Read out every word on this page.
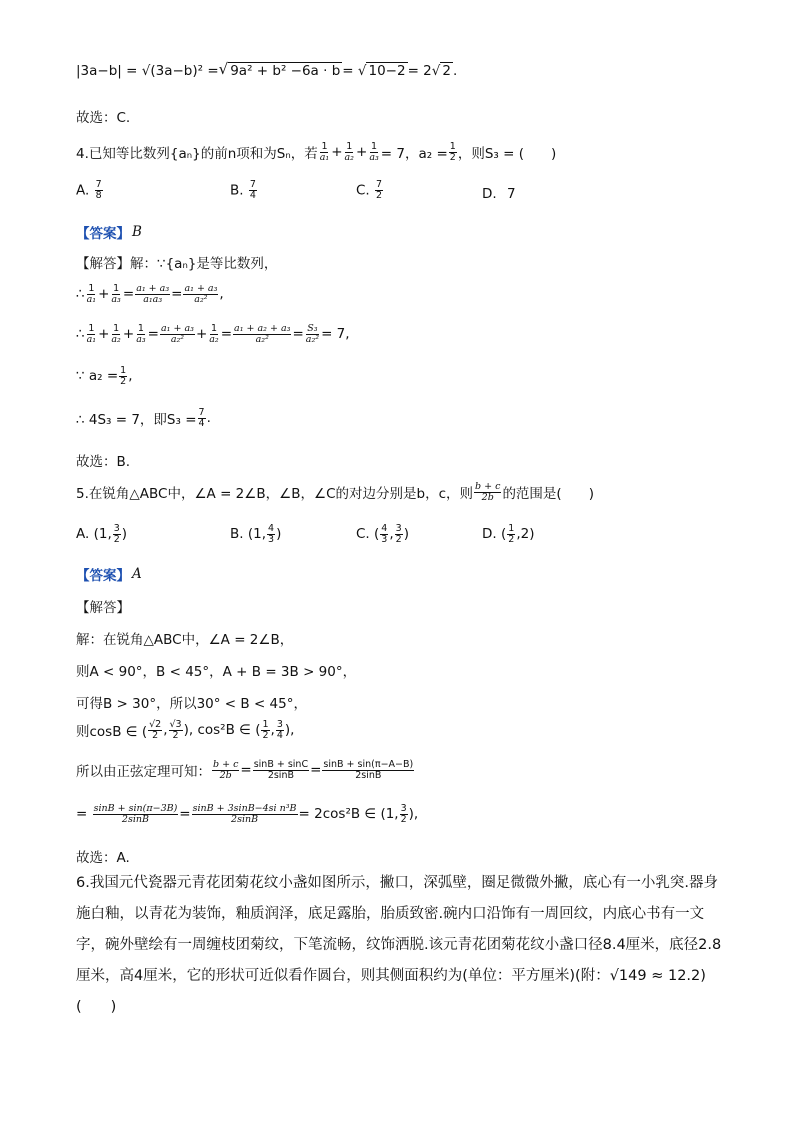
|3a−b| = √(3a−b)² = √ 9a² + b² −6a · b = √ 10−2 = 2√ 2 .
故选：C.
4.已知等比数列{aₙ}的前n项和为Sₙ，若 $\frac{1}{\text{a₁}} + \frac{1}{\text{a₂}} + \frac{1}{\text{a₃}} = 7$，$a_2 = \frac{1}{2}$ ，则S₃ = (　　)
A. $\frac{7}{8}$	B. $\frac{7}{4}$	C. $\frac{7}{2}$	D. 7
【答案】 B
【解答】解：∵{aₙ}是等比数列，
∴ $\frac{1}{\text{a₁}} + \frac{1}{\text{a₃}} = \frac{\text{a₁ + a₃}}{\text{a₁a₃}} = \frac{\text{a₁ + a₃}}{\text{a₂²}}$ ,
∴ $\frac{1}{\text{a₁}} + \frac{1}{\text{a₂}} + \frac{1}{\text{a₃}} = \frac{\text{a₁ + a₃}}{\text{a₂²}} + \frac{1}{\text{a₂}} = \frac{\text{a₁ + a₂ + a₃}}{\text{a₂²}} = \frac{\text{S₃}}{\text{a₂²}} = 7$,
∵ $a_2 = \frac{1}{2}$ ,
∴ 4S₃ = 7，即$S_3 = \frac{7}{4}$ .
故选：B.
5.在锐角△ABC中，∠A = 2∠B，∠B，∠C的对边分别是b，c，则 $\frac{b + c}{2b}$ 的范围是(　　)
A.
(1, $\frac{3}{2}$ )	B.
(1, $\frac{4}{3}$ )	C.
( $\frac{4}{3}$ , $\frac{3}{2}$ )	D.
( $\frac{1}{2} ,2$)
【答案】 A
【解答】
解：在锐角△ABC中，∠A = 2∠B，
则A < 90°，B < 45°，A + B = 3B > 90°，
可得B > 30°，所以30° < B < 45°，
则cosB ∈ ( $\frac{√2}{2}$ , $\frac{√3}{2}$ ), cos²B ∈ ( $\frac{1}{2}$ , $\frac{3}{4}$ ),
所以由正弦定理可知： $\frac{b + c}{2b} = \frac{\sin B + \sin C}{2\sin B} = \frac{\sin B + \sin(\pi-A-B)}{2\sin B}$
= $\frac{\sin B + \sin(\pi-3B)}{2\sin B} = \frac{\text{sinB + 3sinB−4si n³B}}{2\sin B} = 2\cos^2B$ ∈ (1, $\frac{3}{2}$ ),
故选：A.
6.我国元代瓷器元青花团菊花纹小盏如图所示，撇口，深弧壁，圈足微微外撇，底心有一小乳突.器身施白釉，以青花为装饰，釉质润泽，底足露胎，胎质致密.碗内口沿饰有一周回纹，内底心书有一文字，碗外壁绘有一周缠枝团菊纹，下笔流畅，纹饰洒脱.该元青花团菊花纹小盏口径8.4厘米，底径2.8厘米，高4厘米，它的形状可近似看作圆台，则其侧面积约为(单位：平方厘米)(附：√149 ≈ 12.2)(　　)
